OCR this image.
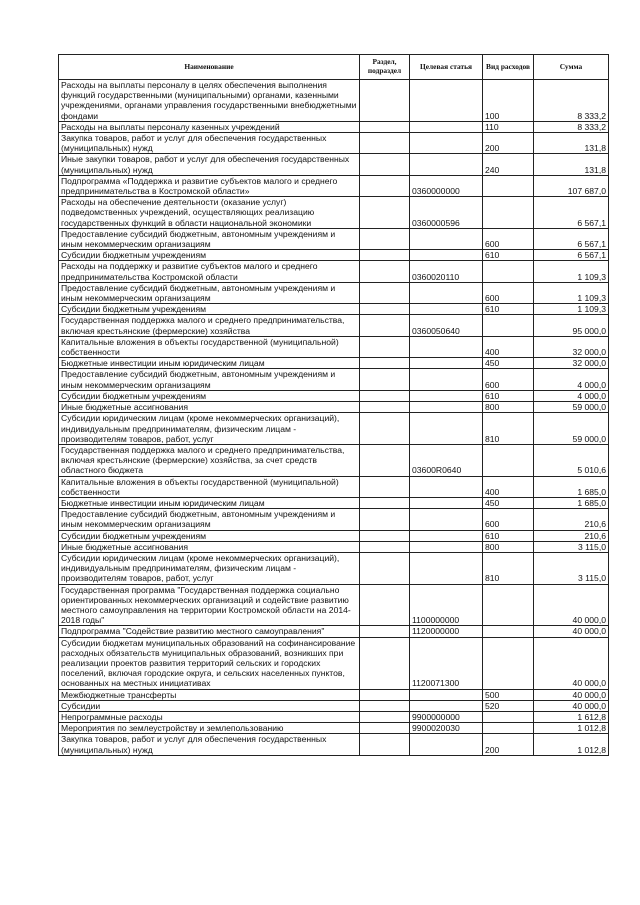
Наименование	Раздел, подраздел	Целевая статья	Вид расходов	Сумма
Расходы на выплаты персоналу в целях обеспечения выполнения функций государственными (муниципальными) органами, казенными учреждениями, органами управления государственными внебюджетными фондами			100	8 333,2
Расходы на выплаты персоналу казенных учреждений			110	8 333,2
Закупка товаров, работ и услуг для обеспечения государственных (муниципальных) нужд			200	131,8
Иные закупки товаров, работ и услуг для обеспечения государственных (муниципальных) нужд			240	131,8
Подпрограмма «Поддержка и развитие субъектов малого и среднего предпринимательства в Костромской области»		0360000000		107 687,0
Расходы на обеспечение деятельности (оказание услуг) подведомственных учреждений, осуществляющих реализацию государственных функций в области национальной экономики		0360000596		6 567,1
Предоставление субсидий бюджетным, автономным учреждениям и иным некоммерческим организациям			600	6 567,1
Субсидии бюджетным учреждениям			610	6 567,1
Расходы на поддержку и развитие субъектов малого и среднего предпринимательства Костромской области		0360020110		1 109,3
Предоставление субсидий бюджетным, автономным учреждениям и иным некоммерческим организациям			600	1 109,3
Субсидии бюджетным учреждениям			610	1 109,3
Государственная поддержка малого и среднего предпринимательства, включая крестьянские (фермерские) хозяйства		0360050640		95 000,0
Капитальные вложения в объекты государственной (муниципальной) собственности			400	32 000,0
Бюджетные инвестиции иным юридическим лицам			450	32 000,0
Предоставление субсидий бюджетным, автономным учреждениям и иным некоммерческим организациям			600	4 000,0
Субсидии бюджетным учреждениям			610	4 000,0
Иные бюджетные ассигнования			800	59 000,0
Субсидии юридическим лицам (кроме некоммерческих организаций), индивидуальным предпринимателям, физическим лицам - производителям товаров, работ, услуг			810	59 000,0
Государственная поддержка малого и среднего предпринимательства, включая крестьянские (фермерские) хозяйства, за счет средств областного бюджета		03600R0640		5 010,6
Капитальные вложения в объекты государственной (муниципальной) собственности			400	1 685,0
Бюджетные инвестиции иным юридическим лицам			450	1 685,0
Предоставление субсидий бюджетным, автономным учреждениям и иным некоммерческим организациям			600	210,6
Субсидии бюджетным учреждениям			610	210,6
Иные бюджетные ассигнования			800	3 115,0
Субсидии юридическим лицам (кроме некоммерческих организаций), индивидуальным предпринимателям, физическим лицам - производителям товаров, работ, услуг			810	3 115,0
Государственная программа "Государственная поддержка социально ориентированных некоммерческих организаций и содействие развитию местного самоуправления на территории Костромской области на 2014-2018 годы"		1100000000		40 000,0
Подпрограмма "Содействие развитию местного самоуправления"		1120000000		40 000,0
Субсидии бюджетам муниципальных образований на софинансирование расходных обязательств муниципальных образований, возникших при реализации проектов развития территорий сельских и городских поселений, включая городские округа, и сельских населенных пунктов, основанных на местных инициативах		1120071300		40 000,0
Межбюджетные трансферты			500	40 000,0
Субсидии			520	40 000,0
Непрограммные расходы		9900000000		1 612,8
Мероприятия по землеустройству и землепользованию		9900020030		1 012,8
Закупка товаров, работ и услуг для обеспечения государственных (муниципальных) нужд			200	1 012,8
